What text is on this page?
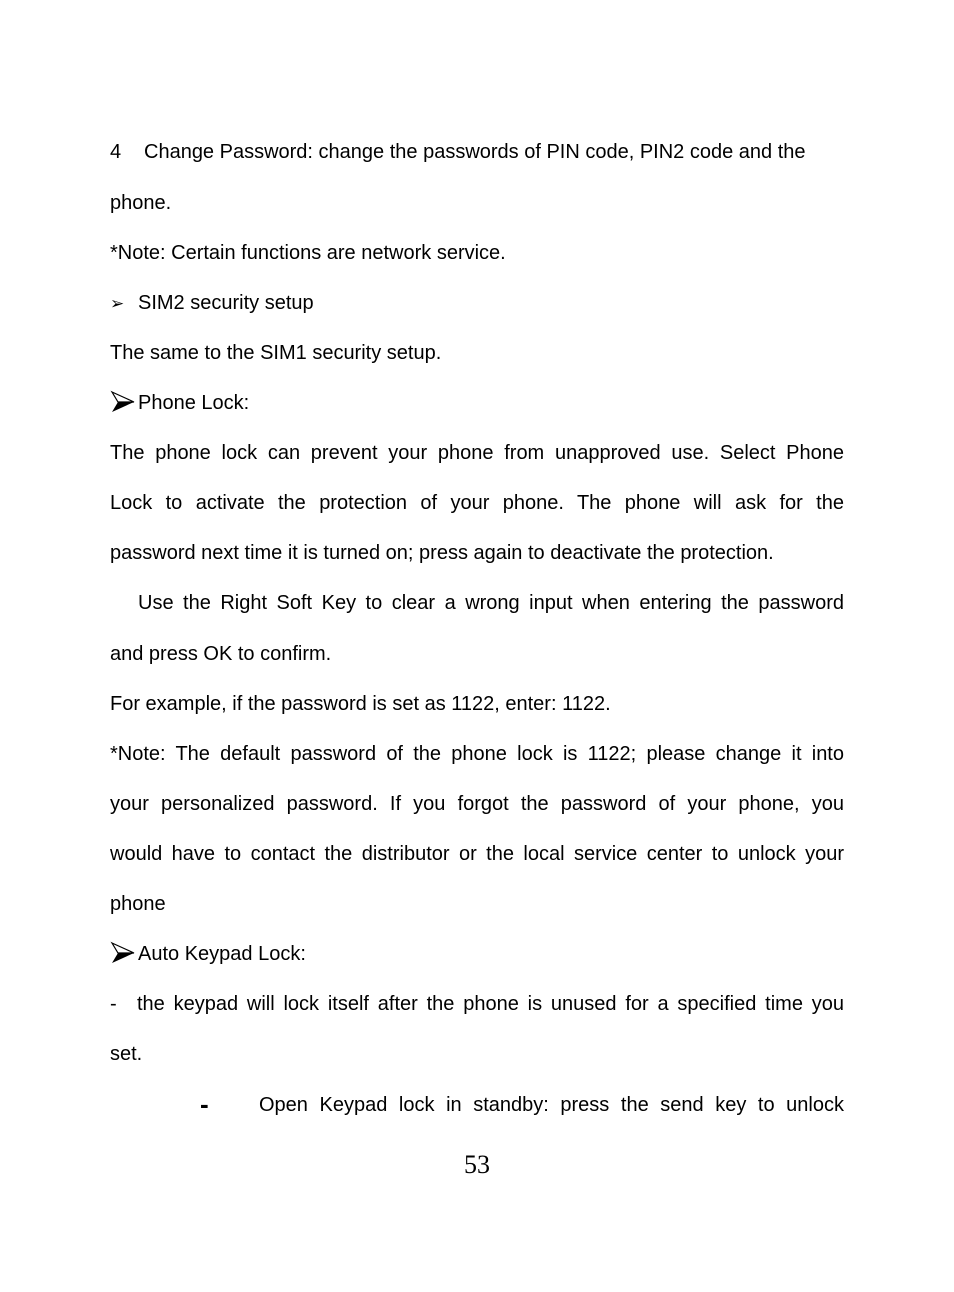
4 Change Password: change the passwords of PIN code, PIN2 code and the
phone.
*Note: Certain functions are network service.
➢ SIM2 security setup
The same to the SIM1 security setup.
Phone Lock:
The phone lock can prevent your phone from unapproved use. Select Phone
Lock to activate the protection of your phone. The phone will ask for the
password next time it is turned on; press again to deactivate the protection.
Use the Right Soft Key to clear a wrong input when entering the password
and press OK to confirm.
For example, if the password is set as 1122, enter: 1122.
*Note: The default password of the phone lock is 1122; please change it into
your personalized password. If you forgot the password of your phone, you
would have to contact the distributor or the local service center to unlock your
phone
Auto Keypad Lock:
-	the keypad will lock itself after the phone is unused for a specified time you
set.
-	Open Keypad lock in standby: press the send key to unlock
53
